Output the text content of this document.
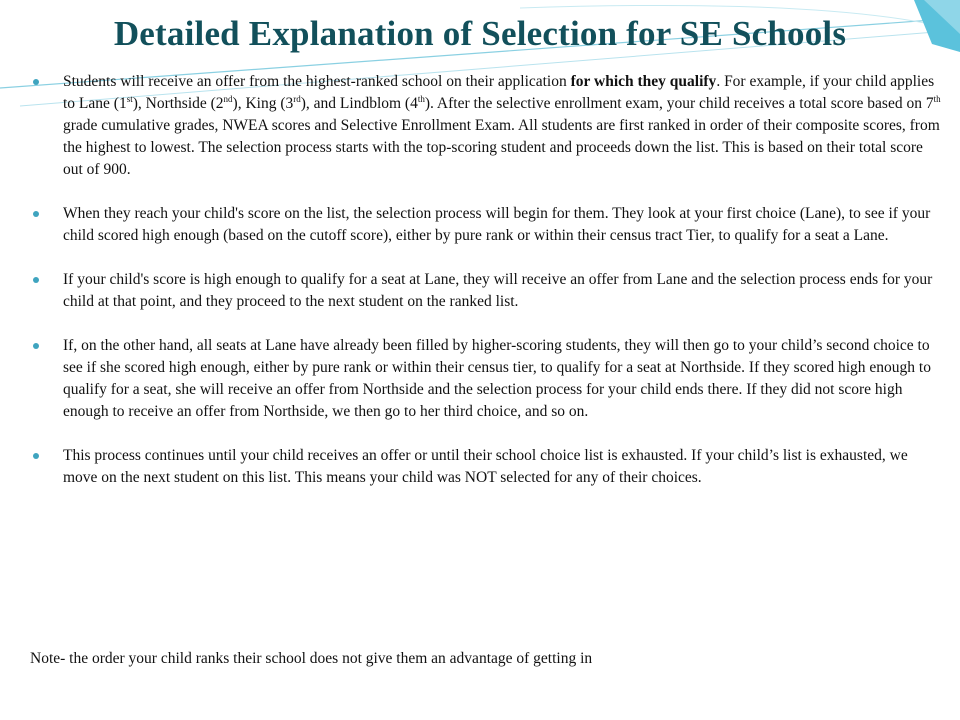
Detailed Explanation of Selection for SE Schools
Students will receive an offer from the highest-ranked school on their application for which they qualify. For example, if your child applies to Lane (1st), Northside (2nd), King (3rd), and Lindblom (4th). After the selective enrollment exam, your child receives a total score based on 7th grade cumulative grades, NWEA scores and Selective Enrollment Exam. All students are first ranked in order of their composite scores, from the highest to lowest. The selection process starts with the top-scoring student and proceeds down the list. This is based on their total score out of 900.
When they reach your child's score on the list, the selection process will begin for them. They look at your first choice (Lane), to see if your child scored high enough (based on the cutoff score), either by pure rank or within their census tract Tier, to qualify for a seat a Lane.
If your child's score is high enough to qualify for a seat at Lane, they will receive an offer from Lane and the selection process ends for your child at that point, and they proceed to the next student on the ranked list.
If, on the other hand, all seats at Lane have already been filled by higher-scoring students, they will then go to your child’s second choice to see if she scored high enough, either by pure rank or within their census tier, to qualify for a seat at Northside. If they scored high enough to qualify for a seat, she will receive an offer from Northside and the selection process for your child ends there. If they did not score high enough to receive an offer from Northside, we then go to her third choice, and so on.
This process continues until your child receives an offer or until their school choice list is exhausted. If your child’s list is exhausted, we move on the next student on this list. This means your child was NOT selected for any of their choices.

Note- the order your child ranks their school does not give them an advantage of getting in
